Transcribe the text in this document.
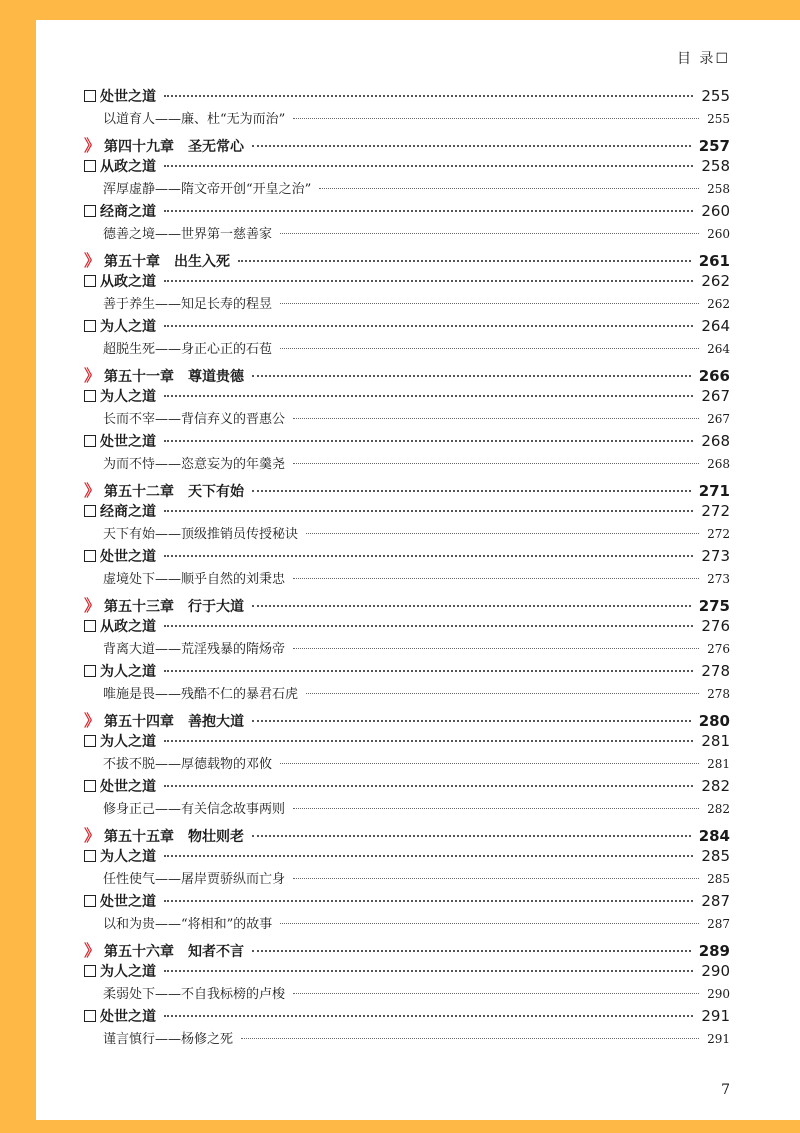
目 录☐
处世之道	255
以道育人——廉、杜“无为而治”	255
》 第四十九章　圣无常心	257
从政之道	258
浑厚虚静——隋文帝开创“开皇之治”	258
经商之道	260
德善之境——世界第一慈善家	260
》 第五十章　出生入死	261
从政之道	262
善于养生——知足长寿的程昱	262
为人之道	264
超脱生死——身正心正的石苞	264
》 第五十一章　尊道贵德	266
为人之道	267
长而不宰——背信弃义的晋惠公	267
处世之道	268
为而不恃——恣意妄为的年羹尧	268
》 第五十二章　天下有始	271
经商之道	272
天下有始——顶级推销员传授秘诀	272
处世之道	273
虚境处下——顺乎自然的刘秉忠	273
》 第五十三章　行于大道	275
从政之道	276
背离大道——荒淫残暴的隋炀帝	276
为人之道	278
唯施是畏——残酷不仁的暴君石虎	278
》 第五十四章　善抱大道	280
为人之道	281
不拔不脱——厚德载物的邓攸	281
处世之道	282
修身正己——有关信念故事两则	282
》 第五十五章　物壮则老	284
为人之道	285
任性使气——屠岸贾骄纵而亡身	285
处世之道	287
以和为贵——“将相和”的故事	287
》 第五十六章　知者不言	289
为人之道	290
柔弱处下——不自我标榜的卢梭	290
处世之道	291
谨言慎行——杨修之死	291
7
